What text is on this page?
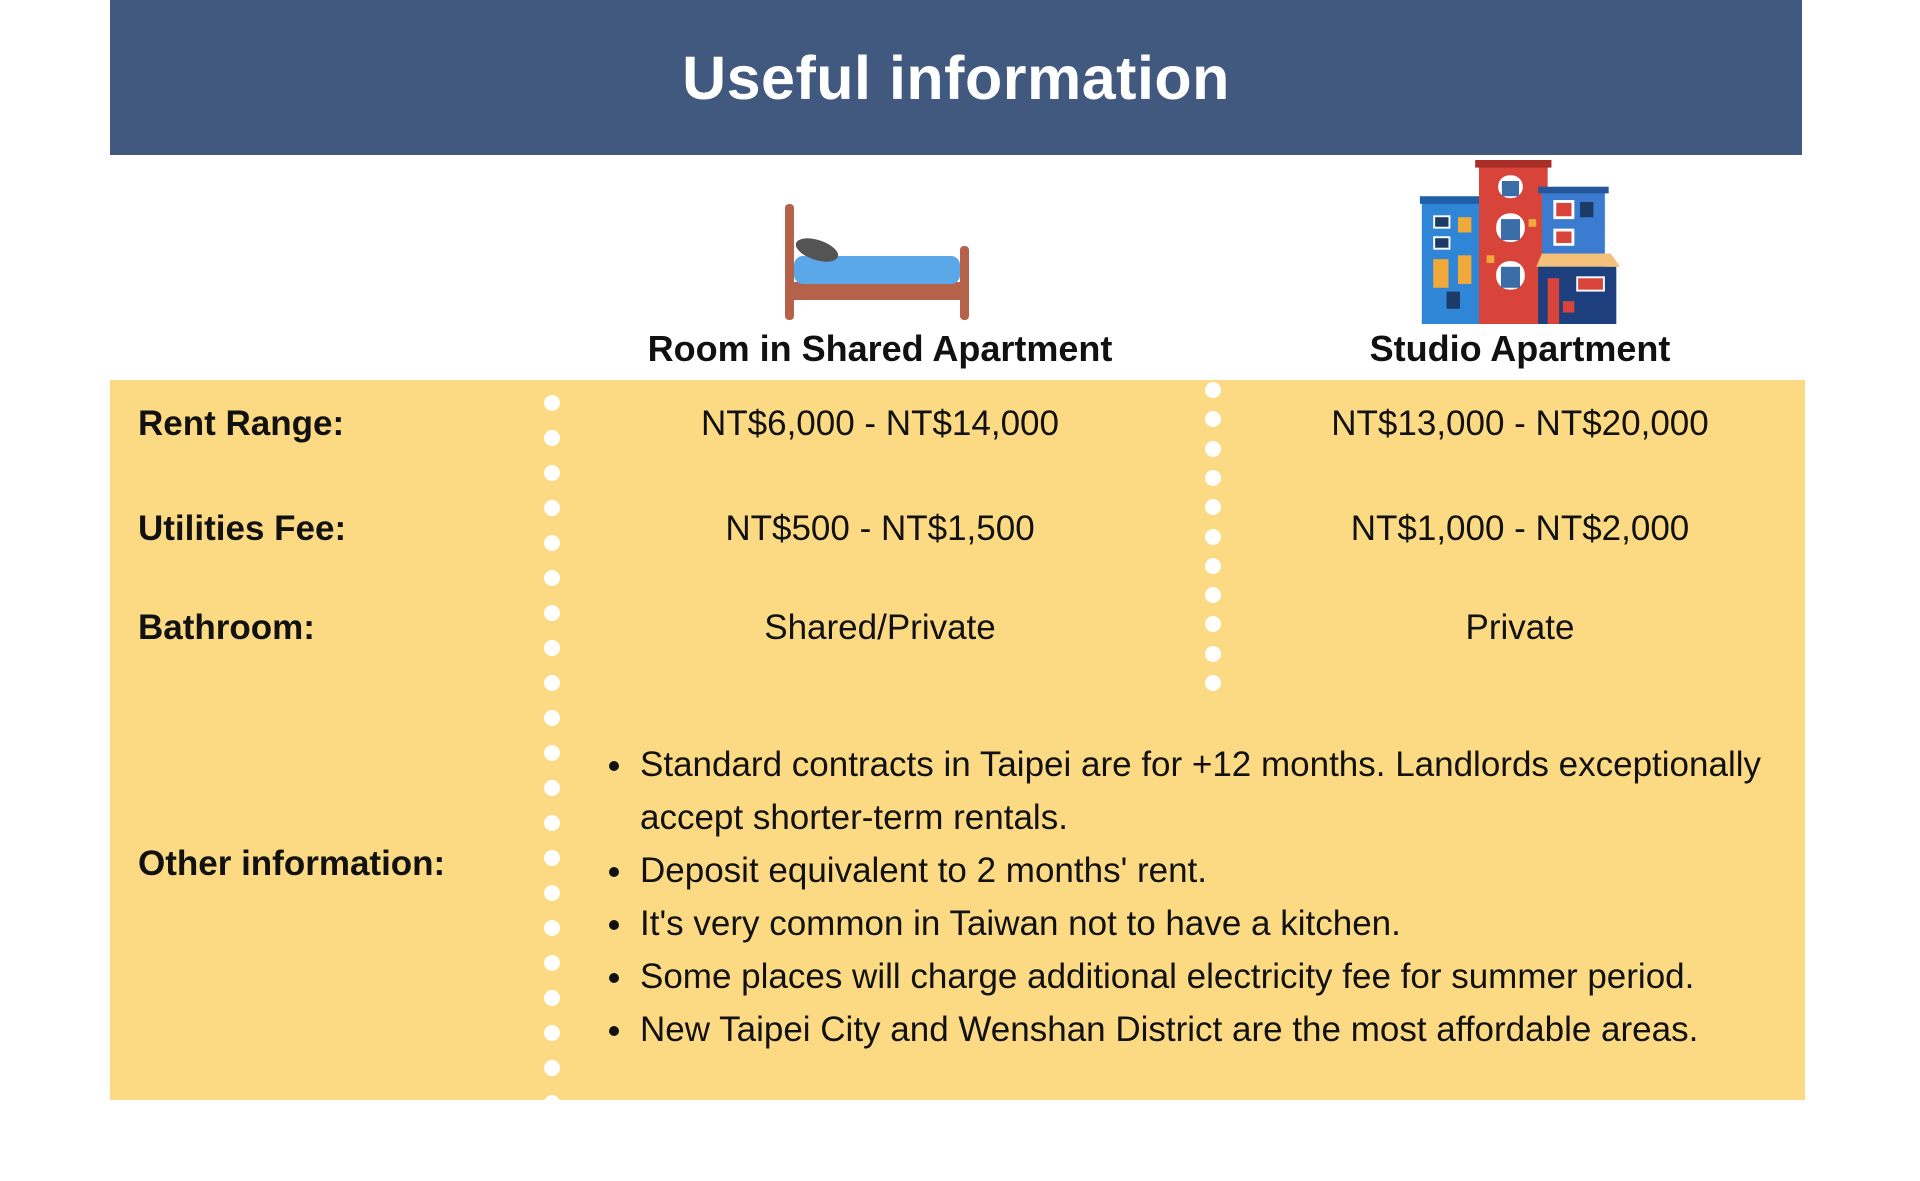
Useful information
Room in Shared Apartment	Studio Apartment
Rent Range:	NT$6,000 - NT$14,000	NT$13,000 - NT$20,000
Utilities Fee:	NT$500 - NT$1,500	NT$1,000 - NT$2,000
Bathroom:	Shared/Private	Private
Other information:
• Standard contracts in Taipei are for +12 months. Landlords exceptionally accept shorter-term rentals.
• Deposit equivalent to 2 months' rent.
• It's very common in Taiwan not to have a kitchen.
• Some places will charge additional electricity fee for summer period.
• New Taipei City and Wenshan District are the most affordable areas.
